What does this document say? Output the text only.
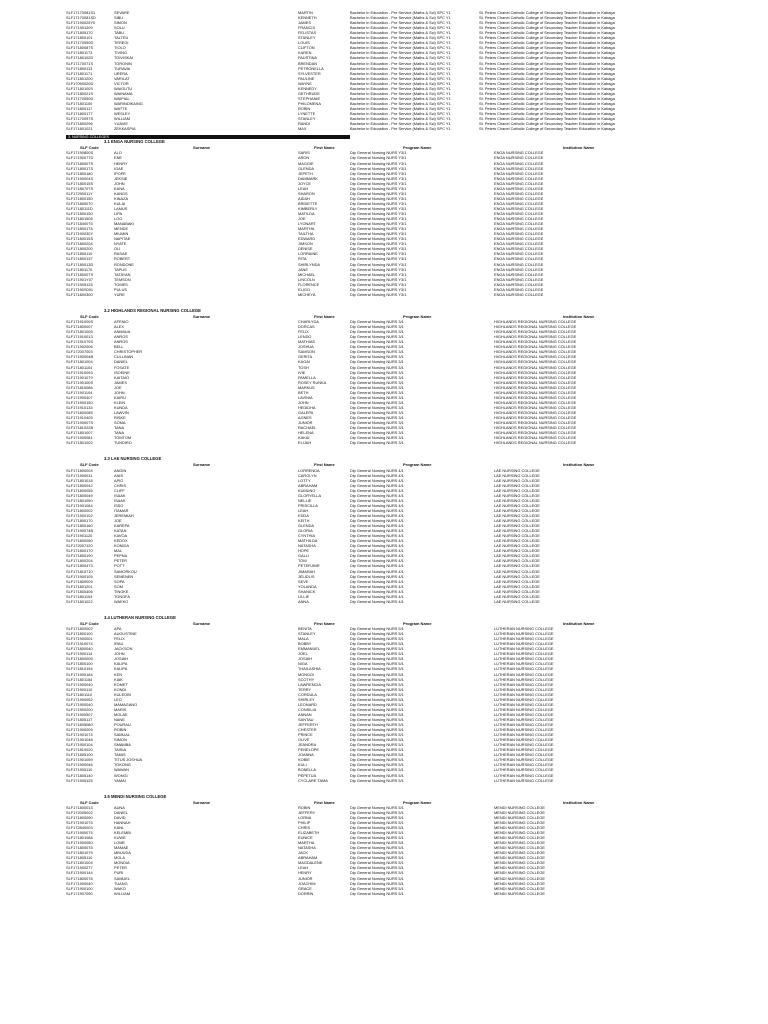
SLF17170081S1	SEVARE	MARTIN	Bachelor in Education - Pre Service (Maths & Sci) SPC Y1	St. Peters Chanel Catholic College of Secondary Teacher Education in Kabaga
SLF17170081SD	SIBU	KENNETH	Bachelor in Education - Pre Service (Maths & Sci) SPC Y1	St. Peters Chanel Catholic College of Secondary Teacher Education in Kabaga
SLF17190025Y0	SIMON	JAMES	Bachelor in Education - Pre Service (Maths & Sci) SPC Y1	St. Peters Chanel Catholic College of Secondary Teacher Education in Kabaga
SLF171901209	SOLU	FRANCIS	Bachelor in Education - Pre Service (Maths & Sci) SPC Y1	St. Peters Chanel Catholic College of Secondary Teacher Education in Kabaga
SLF171805170	TABU	FELISTAS	Bachelor in Education - Pre Service (Maths & Sci) SPC Y1	St. Peters Chanel Catholic College of Secondary Teacher Education in Kabaga
SLF171800101	TALTEU	STANLEY	Bachelor in Education - Pre Service (Maths & Sci) SPC Y1	St. Peters Chanel Catholic College of Secondary Teacher Education in Kabaga
SLF17170050D	TEREGI	LOUIS	Bachelor in Education - Pre Service (Maths & Sci) SPC Y1	St. Peters Chanel Catholic College of Secondary Teacher Education in Kabaga
SLF17180087S	TIOLO	CLIFTON	Bachelor in Education - Pre Service (Maths & Sci) SPC Y1	St. Peters Chanel Catholic College of Secondary Teacher Education in Kabaga
SLF171801173	TIVING	KAREN	Bachelor in Education - Pre Service (Maths & Sci) SPC Y1	St. Peters Chanel Catholic College of Secondary Teacher Education in Kabaga
SLF17180102D	TOIVISKAI	FAUSTINA	Bachelor in Education - Pre Service (Maths & Sci) SPC Y1	St. Peters Chanel Catholic College of Secondary Teacher Education in Kabaga
SLF17170071S	TORONIN	BRENDAN	Bachelor in Education - Pre Service (Maths & Sci) SPC Y1	St. Peters Chanel Catholic College of Secondary Teacher Education in Kabaga
SLF171800113	TURAVAI	PETRONELLA	Bachelor in Education - Pre Service (Maths & Sci) SPC Y1	St. Peters Chanel Catholic College of Secondary Teacher Education in Kabaga
SLF171801171	URERA	SYLVESTER	Bachelor in Education - Pre Service (Maths & Sci) SPC Y1	St. Peters Chanel Catholic College of Secondary Teacher Education in Kabaga
SLF171801200	VARILAT	PAULINE	Bachelor in Education - Pre Service (Maths & Sci) SPC Y1	St. Peters Chanel Catholic College of Secondary Teacher Education in Kabaga
SLF17090020D	VICTOR	WAYNE	Bachelor in Education - Pre Service (Maths & Sci) SPC Y1	St. Peters Chanel Catholic College of Secondary Teacher Education in Kabaga
SLF171801003	WAIGUTU	KENNEDY	Bachelor in Education - Pre Service (Maths & Sci) SPC Y1	St. Peters Chanel Catholic College of Secondary Teacher Education in Kabaga
SLF17180021S	WAINAMA	GETHRUDE	Bachelor in Education - Pre Service (Maths & Sci) SPC Y1	St. Peters Chanel Catholic College of Secondary Teacher Education in Kabaga
SLF17170050D	WAIPIAL	STEPHANIE	Bachelor in Education - Pre Service (Maths & Sci) SPC Y1	St. Peters Chanel Catholic College of Secondary Teacher Education in Kabaga
SLF171801100	WARINDIKAING	PHILOMENA	Bachelor in Education - Pre Service (Maths & Sci) SPC Y1	St. Peters Chanel Catholic College of Secondary Teacher Education in Kabaga
SLF171800117	WATTE	ROBIN	Bachelor in Education - Pre Service (Maths & Sci) SPC Y1	St. Peters Chanel Catholic College of Secondary Teacher Education in Kabaga
SLF171800177	WESLEY	LYNETTE	Bachelor in Education - Pre Service (Maths & Sci) SPC Y1	St. Peters Chanel Catholic College of Secondary Teacher Education in Kabaga
SLF17170097S	WILLIAM	STANLEY	Bachelor in Education - Pre Service (Maths & Sci) SPC Y1	St. Peters Chanel Catholic College of Secondary Teacher Education in Kabaga
SLF171800296	YUAVIE	RANDI	Bachelor in Education - Pre Service (Maths & Sci) SPC Y1	St. Peters Chanel Catholic College of Secondary Teacher Education in Kabaga
SLF171801021	ZEKKASPIA	MAX	Bachelor in Education - Pre Service (Maths & Sci) SPC Y1	St. Peters Chanel Catholic College of Secondary Teacher Education in Kabaga
3. NURSING COLLEGES
3.1 ENGA NURSING COLLEGE
SLF Code	Surname	First Name	Program Name	Institution Name
SLF17190800S	ALO	SARIS	Dip General Nursing NURS Y3/1	ENGA NURSING COLLEGE
SLF17190077D	ENE	ARON	Dip General Nursing NURS Y3/1	ENGA NURSING COLLEGE
SLF17180007S	HENRY	MAGGIE	Dip General Nursing NURS Y3/1	ENGA NURSING COLLEGE
SLF17180017S	IGAE	GLENDA	Dip General Nursing NURS Y3/1	ENGA NURSING COLLEGE
SLF171800180	IPOPE	JEPETH	Dip General Nursing NURS Y3/1	ENGA NURSING COLLEGE
SLF17190004S	JEKSIE	DAMMARK	Dip General Nursing NURS Y3/1	ENGA NURSING COLLEGE
SLF17180015S	JOHN	JOYCE	Dip General Nursing NURS Y3/1	ENGA NURSING COLLEGE
SLF17180707S	KANA	LEAH	Dip General Nursing NURS Y3/1	ENGA NURSING COLLEGE
SLF17290011Y	KANGS	SHARON	Dip General Nursing NURS Y3/1	ENGA NURSING COLLEGE
SLF171800150	KINAZA	AIDAH	Dip General Nursing NURS Y3/1	ENGA NURSING COLLEGE
SLF171800070	KULAI	BRIDETTE	Dip General Nursing NURS Y3/1	ENGA NURSING COLLEGE
SLF17180111D	LAMUS	KIMBERLY	Dip General Nursing NURS Y3/1	ENGA NURSING COLLEGE
SLF171800150	LIPA	MATILDA	Dip General Nursing NURS Y3/1	ENGA NURSING COLLEGE
SLF171801508	LOO	JOE	Dip General Nursing NURS Y3/1	ENGA NURSING COLLEGE
SLF171840075	MANABAKI	LYONART	Dip General Nursing NURS Y3/1	ENGA NURSING COLLEGE
SLF171800178	MENDE	MARTHA	Dip General Nursing NURS Y3/1	ENGA NURSING COLLEGE
SLF17190030Y	MIUMIN	TAILTHA	Dip General Nursing NURS Y3/1	ENGA NURSING COLLEGE
SLF17180015S	NAPITAE	EDWARD	Dip General Nursing NURS Y3/1	ENGA NURSING COLLEGE
SLF171800204	NYATE	JIMSON	Dip General Nursing NURS Y3/1	ENGA NURSING COLLEGE
SLF171800200	OLI	DENISE	Dip General Nursing NURS Y3/1	ENGA NURSING COLLEGE
SLF171800110	RASAE	LORRAINE	Dip General Nursing NURS Y3/1	ENGA NURSING COLLEGE
SLF171800137	ROBERT	RITA	Dip General Nursing NURS Y3/1	ENGA NURSING COLLEGE
SLF17180013D	RONDONE	SHIRLYNDA	Dip General Nursing NURS Y3/1	ENGA NURSING COLLEGE
SLF171801170	TAPUS	JANE	Dip General Nursing NURS Y3/1	ENGA NURSING COLLEGE
SLF17180007S	TATAYAN	MICHAEL	Dip General Nursing NURS Y3/1	ENGA NURSING COLLEGE
SLF171901Y07	TEMSON	LINCOLN	Dip General Nursing NURS Y3/1	ENGA NURSING COLLEGE
SLF171905125	TOMES	FLORENCE	Dip General Nursing NURS Y3/1	ENGA NURSING COLLEGE
SLF17190S091	PULUS	ELIGO	Dip General Nursing NURS Y3/1	ENGA NURSING COLLEGE
SLF171800300	YURE	MICHEYA	Dip General Nursing NURS Y3/1	ENGA NURSING COLLEGE
3.2 HIGHLANDS REGIONAL NURSING COLLEGE
SLF Code	Surname	First Name	Program Name	Institution Name
SLF17191000S	AFENIO	CHARLYDA	Dip General Nursing NURS 3/1	HIGHLANDS REGIONAL NURSING COLLEGE
SLF171800007	ALEX	DORCAS	Dip General Nursing NURS 3/1	HIGHLANDS REGIONAL NURSING COLLEGE
SLF171801005	ANIMIUA	FELIX	Dip General Nursing NURS 3/1	HIGHLANDS REGIONAL NURSING COLLEGE
SLF171910013	ANROS	LENDO	Dip General Nursing NURS 3/1	HIGHLANDS REGIONAL NURSING COLLEGE
SLF17191075S	ANROS	MATHIAS	Dip General Nursing NURS 3/1	HIGHLANDS REGIONAL NURSING COLLEGE
SLF171902006	BELL	JOSHUA	Dip General Nursing NURS 3/1	HIGHLANDS REGIONAL NURSING COLLEGE
SLF172007003	CHRISTOPHER	SAMSON	Dip General Nursing NURS 3/1	HIGHLANDS REGIONAL NURSING COLLEGE
SLF17190004B	CULLINAN	GERITA	Dip General Nursing NURS 3/1	HIGHLANDS REGIONAL NURSING COLLEGE
SLF171801004	DANIEL	KAGAI	Dip General Nursing NURS 3/1	HIGHLANDS REGIONAL NURSING COLLEGE
SLF171801104	FOSATE	TOSH	Dip General Nursing NURS 3/1	HIGHLANDS REGIONAL NURSING COLLEGE
SLF171910093	ISOEINE	IVIE	Dip General Nursing NURS 3/1	HIGHLANDS REGIONAL NURSING COLLEGE
SLF171901079	KAITAIO	PAMELLA	Dip General Nursing NURS 3/1	HIGHLANDS REGIONAL NURSING COLLEGE
SLF17190100S	JAMES	ROSEY RUNKA	Dip General Nursing NURS 3/1	HIGHLANDS REGIONAL NURSING COLLEGE
SLF171810086	JOE	MARKUS	Dip General Nursing NURS 3/1	HIGHLANDS REGIONAL NURSING COLLEGE
SLF171901104	JOHN	BETH	Dip General Nursing NURS 3/1	HIGHLANDS REGIONAL NURSING COLLEGE
SLF171900407	KAIRU	LAVINIA	Dip General Nursing NURS 3/1	HIGHLANDS REGIONAL NURSING COLLEGE
SLF171900150	KLEIN	JOHN	Dip General Nursing NURS 3/1	HIGHLANDS REGIONAL NURSING COLLEGE
SLF171910134	KUNDA	HEDIDHA	Dip General Nursing NURS 3/1	HIGHLANDS REGIONAL NURSING COLLEGE
SLF171800085	LAWVIN	GALEPA	Dip General Nursing NURS 3/1	HIGHLANDS REGIONAL NURSING COLLEGE
SLF171910405	RISKE	AGNES	Dip General Nursing NURS 3/1	HIGHLANDS REGIONAL NURSING COLLEGE
SLF17190007S	SOMA	JUNIOR	Dip General Nursing NURS 3/1	HIGHLANDS REGIONAL NURSING COLLEGE
SLF17181022B	TANA	RACHAEL	Dip General Nursing NURS 3/1	HIGHLANDS REGIONAL NURSING COLLEGE
SLF171801007	TANA	HELENA	Dip General Nursing NURS 3/1	HIGHLANDS REGIONAL NURSING COLLEGE
SLF171900081	TOMTOM	KAKAI	Dip General Nursing NURS 3/1	HIGHLANDS REGIONAL NURSING COLLEGE
SLF171801002	TUNDIRO	ELIJAH	Dip General Nursing NURS 3/1	HIGHLANDS REGIONAL NURSING COLLEGE
3.3 LAE NURSING COLLEGE
SLF Code	Surname	First Name	Program Name	Institution Name
SLF171800004	ANGIN	LORRENDA	Dip General Nursing NURS 4/1	LAE NURSING COLLEGE
SLF171900011	ANIS	CAROLYN	Dip General Nursing NURS 4/1	LAE NURSING COLLEGE
SLF171801018	APIO	LOTTY	Dip General Nursing NURS 4/1	LAE NURSING COLLEGE
SLF171800042	CHRIS	ABRAHAM	Dip General Nursing NURS 4/1	LAE NURSING COLLEGE
SLF171800055	CLIFF	KUMUNO	Dip General Nursing NURS 4/1	LAE NURSING COLLEGE
SLF171800049	ISAAK	GLORYELLA	Dip General Nursing NURS 4/1	LAE NURSING COLLEGE
SLF171801050	ISAAK	NELLIE	Dip General Nursing NURS 4/1	LAE NURSING COLLEGE
SLF171901084	ISSO	PRISCILLA	Dip General Nursing NURS 4/1	LAE NURSING COLLEGE
SLF171800002	ITAMAR	LEAH	Dip General Nursing NURS 4/1	LAE NURSING COLLEGE
SLF171900102	JEREMIAH	EDDA	Dip General Nursing NURS 4/1	LAE NURSING COLLEGE
SLF171800170	JOE	KEITH	Dip General Nursing NURS 4/1	LAE NURSING COLLEGE
SLF171800160	KAREPA	GLENDA	Dip General Nursing NURS 4/1	LAE NURSING COLLEGE
SLF17190074B	KATAN	GLORIA	Dip General Nursing NURS 4/1	LAE NURSING COLLEGE
SLF171901120	KAVOA	CYNTHIA	Dip General Nursing NURS 4/1	LAE NURSING COLLEGE
SLF171800050	KEDOX	MATHILDA	Dip General Nursing NURS 4/1	LAE NURSING COLLEGE
SLF172007120	KONIDA	NATASHA	Dip General Nursing NURS 4/1	LAE NURSING COLLEGE
SLF171800170	MAL	HOPE	Dip General Nursing NURS 4/1	LAE NURSING COLLEGE
SLF171800190	PEPNA	GALLI	Dip General Nursing NURS 4/1	LAE NURSING COLLEGE
SLF171800204	PETER	TOM	Dip General Nursing NURS 4/1	LAE NURSING COLLEGE
SLF171800473	POTT	PETERJINR	Dip General Nursing NURS 4/1	LAE NURSING COLLEGE
SLF171810710	SAMORKOU	JIMARAH	Dip General Nursing NURS 4/1	LAE NURSING COLLEGE
SLF171900105	SEMENEN	JELIDLIS	Dip General Nursing NURS 4/1	LAE NURSING COLLEGE
SLF171800009	SOPA	SEVE	Dip General Nursing NURS 4/1	LAE NURSING COLLEGE
SLF171801201	SOM	YOLANDA	Dip General Nursing NURS 4/1	LAE NURSING COLLEGE
SLF171800406	TINGKE	SHANICK	Dip General Nursing NURS 4/1	LAE NURSING COLLEGE
SLF171801104	TONGFA	LILLIE	Dip General Nursing NURS 4/1	LAE NURSING COLLEGE
SLF171801022	WAEKO	ANNA	Dip General Nursing NURS 4/1	LAE NURSING COLLEGE
3.4 LUTHERAN NURSING COLLEGE
SLF Code	Surname	First Name	Program Name	Institution Name
SLF171800002	APA	BENITA	Dip General Nursing NURS 5/1	LUTHERAN NURSING COLLEGE
SLF171800100	AUGUSTINE	STANLEY	Dip General Nursing NURS 5/1	LUTHERAN NURSING COLLEGE
SLF171900001	FELIX	MALA	Dip General Nursing NURS 5/1	LUTHERAN NURSING COLLEGE
SLF171910074	IRAU	BOBBY	Dip General Nursing NURS 5/1	LUTHERAN NURSING COLLEGE
SLF171800040	JACKSON	EMMANUEL	Dip General Nursing NURS 5/1	LUTHERAN NURSING COLLEGE
SLF171900114	JOHN	JOEL	Dip General Nursing NURS 5/1	LUTHERAN NURSING COLLEGE
SLF171800005	JOSIAH	JOSIAH	Dip General Nursing NURS 5/1	LUTHERAN NURSING COLLEGE
SLF171800100	KALIPA	NIGA	Dip General Nursing NURS 5/1	LUTHERAN NURSING COLLEGE
SLF171810194	KALIPA	THAILASHIA	Dip General Nursing NURS 5/1	LUTHERAN NURSING COLLEGE
SLF171900184	KEN	MONDOI	Dip General Nursing NURS 5/1	LUTHERAN NURSING COLLEGE
SLF171801154	KIAK	SCOTHY	Dip General Nursing NURS 5/1	LUTHERAN NURSING COLLEGE
SLF171900040	KOMET	LAWRENCIA	Dip General Nursing NURS 5/1	LUTHERAN NURSING COLLEGE
SLF171900110	KONDI	TERRY	Dip General Nursing NURS 5/1	LUTHERAN NURSING COLLEGE
SLF171801110	KULEOBI	CORDULA	Dip General Nursing NURS 5/1	LUTHERAN NURSING COLLEGE
SLF171900052	LEO	SHIRLEY	Dip General Nursing NURS 5/1	LUTHERAN NURSING COLLEGE
SLF171900040	MAMAGANO	LEONARD	Dip General Nursing NURS 5/1	LUTHERAN NURSING COLLEGE
SLF171900200	MARIS	CONSILIA	Dip General Nursing NURS 5/1	LUTHERAN NURSING COLLEGE
SLF171900507	MOLAE	ANNAN	Dip General Nursing NURS 5/1	LUTHERAN NURSING COLLEGE
SLF171805117	NANE	SANTAU	Dip General Nursing NURS 5/1	LUTHERAN NURSING COLLEGE
SLF171805080	POURAU	JEFFERTH	Dip General Nursing NURS 5/1	LUTHERAN NURSING COLLEGE
SLF171900009	ROBIN	CHESTER	Dip General Nursing NURS 5/1	LUTHERAN NURSING COLLEGE
SLF171901074	SAMUAL	PRINCE	Dip General Nursing NURS 5/1	LUTHERAN NURSING COLLEGE
SLF171901048	SIMON	OLIVE	Dip General Nursing NURS 5/1	LUTHERAN NURSING COLLEGE
SLF171900104	SMAMBA	JEANDRA	Dip General Nursing NURS 5/1	LUTHERAN NURSING COLLEGE
SLF171810020	TAISIA	PENELOPE	Dip General Nursing NURS 5/1	LUTHERAN NURSING COLLEGE
SLF171805100	TAMIS	JOANNA	Dip General Nursing NURS 5/1	LUTHERAN NURSING COLLEGE
SLF171901059	TITUS JOSHUA	KOBIE	Dip General Nursing NURS 5/1	LUTHERAN NURSING COLLEGE
SLF171900046	TOKONG	KULI	Dip General Nursing NURS 5/1	LUTHERAN NURSING COLLEGE
SLF171905110	WAWAN	BONELLA	Dip General Nursing NURS 5/1	LUTHERAN NURSING COLLEGE
SLF171805140	WONGI	PEPETUA	Dip General Nursing NURS 5/1	LUTHERAN NURSING COLLEGE
SLF171905125	YAMAI	CYCLARE TAMA	Dip General Nursing NURS 5/1	LUTHERAN NURSING COLLEGE
3.5 MENDI NURSING COLLEGE
SLF Code	Surname	First Name	Program Name	Institution Name
SLF171800013	AUNA	ROBIN	Dip General Nursing NURS 5/1	MENDI NURSING COLLEGE
SLF172005002	DANIEL	JEFFERY	Dip General Nursing NURS 5/1	MENDI NURSING COLLEGE
SLF171800090	DAVID	LORNA	Dip General Nursing NURS 5/1	MENDI NURSING COLLEGE
SLF171901075	HANNAH	PHILIP	Dip General Nursing NURS 5/1	MENDI NURSING COLLEGE
SLF172840003	KANL	CHRIS	Dip General Nursing NURS 5/1	MENDI NURSING COLLEGE
SLF171900075	KELEMBI	ELIZABETH	Dip General Nursing NURS 5/1	MENDI NURSING COLLEGE
SLF171801088	KUWE	EUNICE	Dip General Nursing NURS 5/1	MENDI NURSING COLLEGE
SLF171900050	LOME	MARTHA	Dip General Nursing NURS 5/1	MENDI NURSING COLLEGE
SLF171800075	MAMAE	NATASHA	Dip General Nursing NURS 5/1	MENDI NURSING COLLEGE
SLF171801079	MBUUDA	JACK	Dip General Nursing NURS 5/1	MENDI NURSING COLLEGE
SLF171805110	MOLA	ABRAHAM	Dip General Nursing NURS 5/1	MENDI NURSING COLLEGE
SLF171801004	MONDIA	MAGDALENE	Dip General Nursing NURS 5/1	MENDI NURSING COLLEGE
SLF171900277	PETER	LEAH	Dip General Nursing NURS 5/1	MENDI NURSING COLLEGE
SLF171900144	PURI	HENRY	Dip General Nursing NURS 5/1	MENDI NURSING COLLEGE
SLF171800078	SAMUEL	JUNIOR	Dip General Nursing NURS 5/1	MENDI NURSING COLLEGE
SLF171900040	TUANG	JOACHIM	Dip General Nursing NURS 5/1	MENDI NURSING COLLEGE
SLF171900100	WAKO	GRACE	Dip General Nursing NURS 5/1	MENDI NURSING COLLEGE
SLF171907090	WILLIAM	DORRIN	Dip General Nursing NURS 5/1	MENDI NURSING COLLEGE
